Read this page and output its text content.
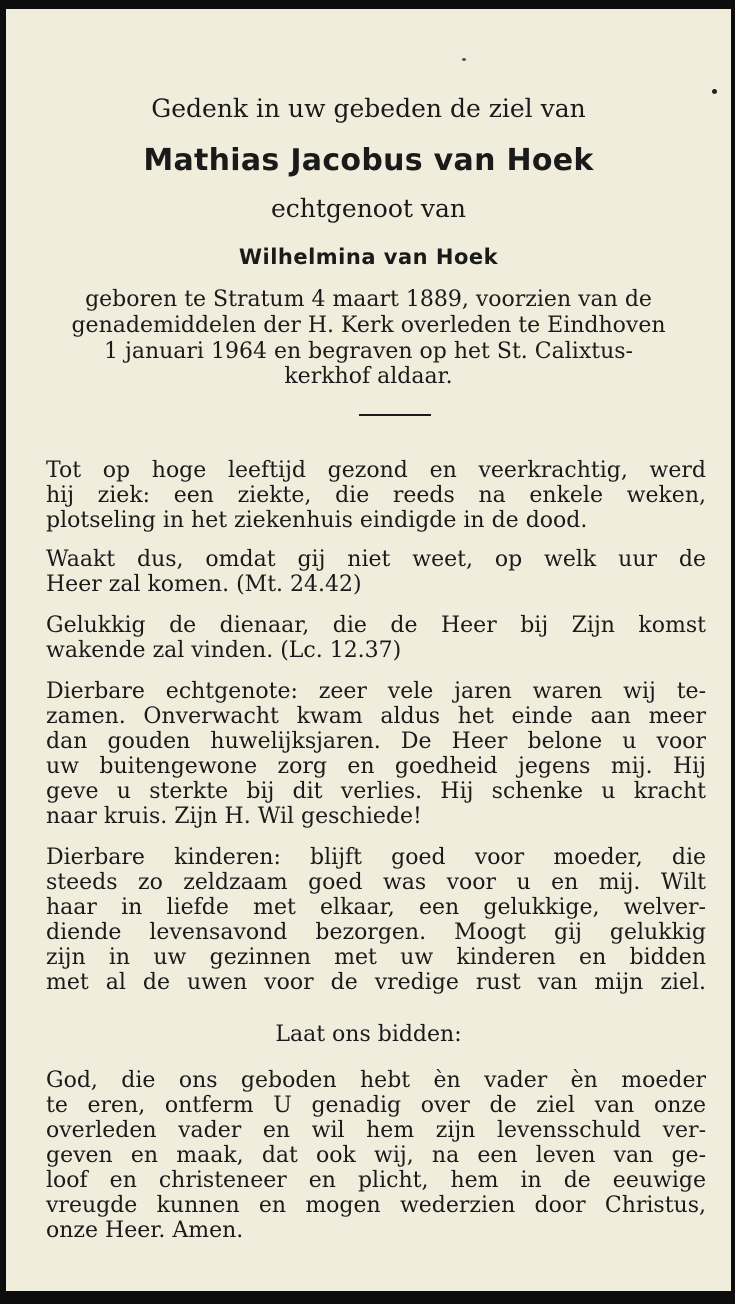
Gedenk in uw gebeden de ziel van
Mathias Jacobus van Hoek
echtgenoot van
Wilhelmina van Hoek
geboren te Stratum 4 maart 1889, voorzien van de
genademiddelen der H. Kerk overleden te Eindhoven
1 januari 1964 en begraven op het St. Calixtus-
kerkhof aldaar.
Tot op hoge leeftijd gezond en veerkrachtig, werd
hij ziek: een ziekte, die reeds na enkele weken,
plotseling in het ziekenhuis eindigde in de dood.
Waakt dus, omdat gij niet weet, op welk uur de
Heer zal komen. (Mt. 24.42)
Gelukkig de dienaar, die de Heer bij Zijn komst
wakende zal vinden. (Lc. 12.37)
Dierbare echtgenote: zeer vele jaren waren wij te-
zamen. Onverwacht kwam aldus het einde aan meer
dan gouden huwelijksjaren. De Heer belone u voor
uw buitengewone zorg en goedheid jegens mij. Hij
geve u sterkte bij dit verlies. Hij schenke u kracht
naar kruis. Zijn H. Wil geschiede!
Dierbare kinderen: blijft goed voor moeder, die
steeds zo zeldzaam goed was voor u en mij. Wilt
haar in liefde met elkaar, een gelukkige, welver-
diende levensavond bezorgen. Moogt gij gelukkig
zijn in uw gezinnen met uw kinderen en bidden
met al de uwen voor de vredige rust van mijn ziel.
Laat ons bidden:
God, die ons geboden hebt èn vader èn moeder
te eren, ontferm U genadig over de ziel van onze
overleden vader en wil hem zijn levensschuld ver-
geven en maak, dat ook wij, na een leven van ge-
loof en christeneer en plicht, hem in de eeuwige
vreugde kunnen en mogen wederzien door Christus,
onze Heer. Amen.
